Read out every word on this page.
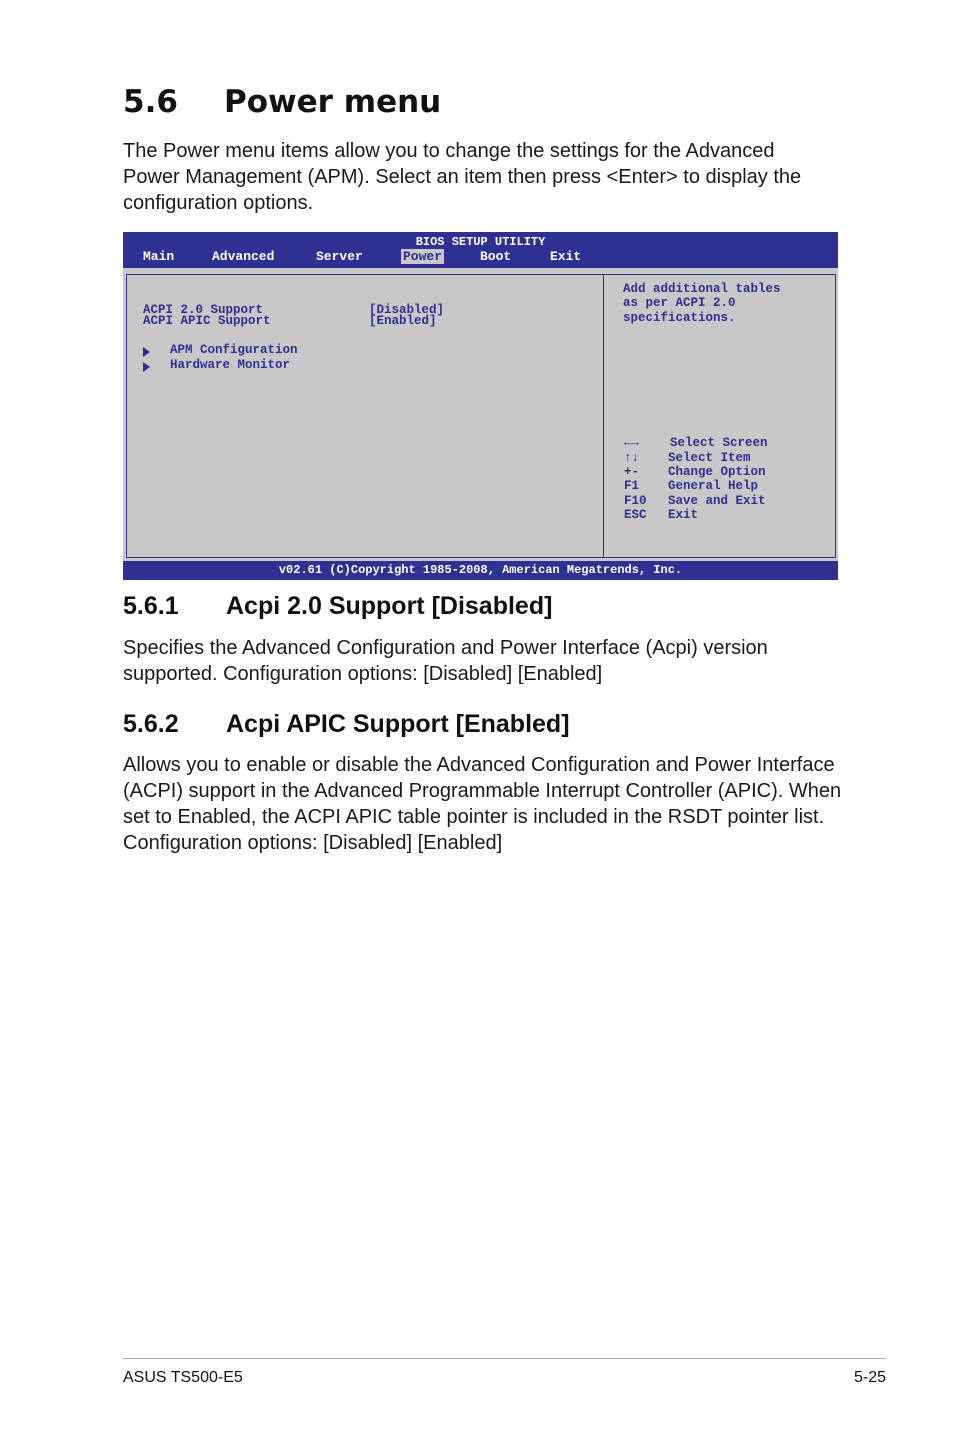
5.6 Power menu
The Power menu items allow you to change the settings for the Advanced
Power Management (APM). Select an item then press <Enter> to display the
configuration options.
BIOS SETUP UTILITY
Main	Advanced	Server	Power	Boot	Exit
ACPI 2.0 Support	[Disabled]
ACPI APIC Support	[Enabled]
APM Configuration
Hardware Monitor
Add additional tables
as per ACPI 2.0
specifications.
←→ Select Screen
↑↓ Select Item
+- Change Option
F1 General Help
F10 Save and Exit
ESC Exit
v02.61 (C)Copyright 1985-2008, American Megatrends, Inc.
5.6.1 Acpi 2.0 Support [Disabled]
Specifies the Advanced Configuration and Power Interface (Acpi) version
supported. Configuration options: [Disabled] [Enabled]
5.6.2 Acpi APIC Support [Enabled]
Allows you to enable or disable the Advanced Configuration and Power Interface
(ACPI) support in the Advanced Programmable Interrupt Controller (APIC). When
set to Enabled, the ACPI APIC table pointer is included in the RSDT pointer list.
Configuration options: [Disabled] [Enabled]
ASUS TS500-E5	5-25
